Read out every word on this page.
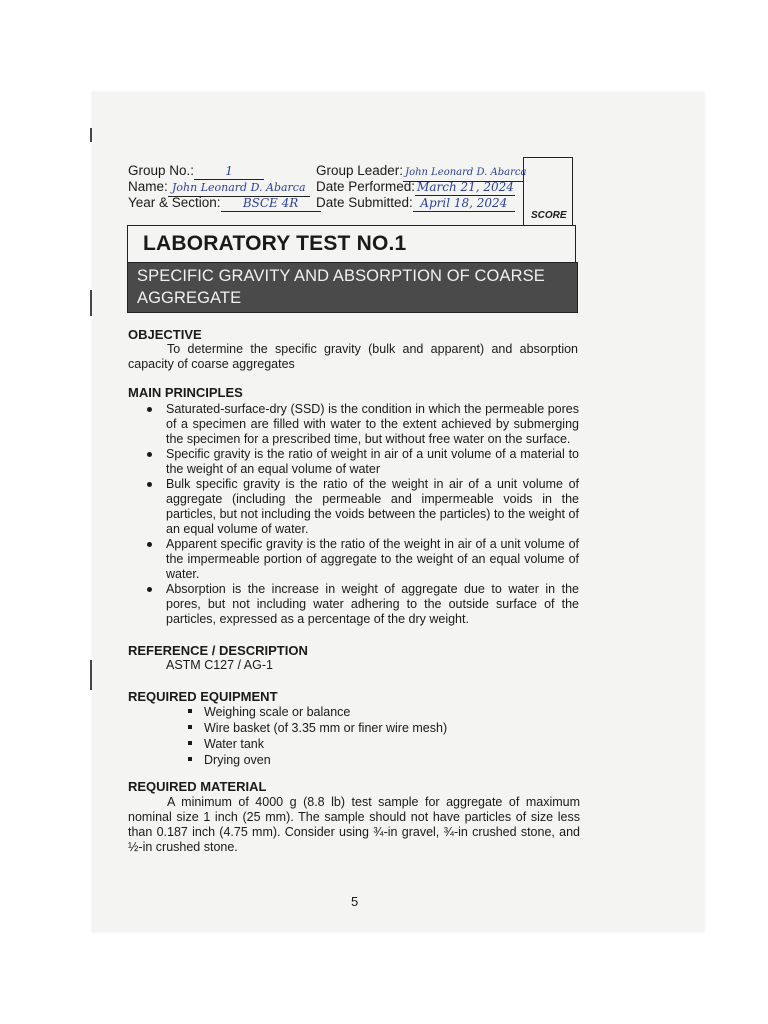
Group No.:	1
Name: John Leonard D. Abarca
Year & Section: BSCE 4R
Group Leader: John Leonard D. Abarca
Date Performed: March 21, 2024
Date Submitted: April 18, 2024
SCORE
LABORATORY TEST NO.1
SPECIFIC GRAVITY AND ABSORPTION OF COARSE
AGGREGATE
OBJECTIVE
To determine the specific gravity (bulk and apparent) and absorption capacity of coarse aggregates
MAIN PRINCIPLES
Saturated-surface-dry (SSD) is the condition in which the permeable pores of a specimen are filled with water to the extent achieved by submerging the specimen for a prescribed time, but without free water on the surface.
Specific gravity is the ratio of weight in air of a unit volume of a material to the weight of an equal volume of water
Bulk specific gravity is the ratio of the weight in air of a unit volume of aggregate (including the permeable and impermeable voids in the particles, but not including the voids between the particles) to the weight of an equal volume of water.
Apparent specific gravity is the ratio of the weight in air of a unit volume of the impermeable portion of aggregate to the weight of an equal volume of water.
Absorption is the increase in weight of aggregate due to water in the pores, but not including water adhering to the outside surface of the particles, expressed as a percentage of the dry weight.
REFERENCE / DESCRIPTION
ASTM C127 / AG-1
REQUIRED EQUIPMENT
Weighing scale or balance
Wire basket (of 3.35 mm or finer wire mesh)
Water tank
Drying oven
REQUIRED MATERIAL
A minimum of 4000 g (8.8 lb) test sample for aggregate of maximum nominal size 1 inch (25 mm). The sample should not have particles of size less than 0.187 inch (4.75 mm). Consider using ¾-in gravel, ¾-in crushed stone, and ½-in crushed stone.
5
